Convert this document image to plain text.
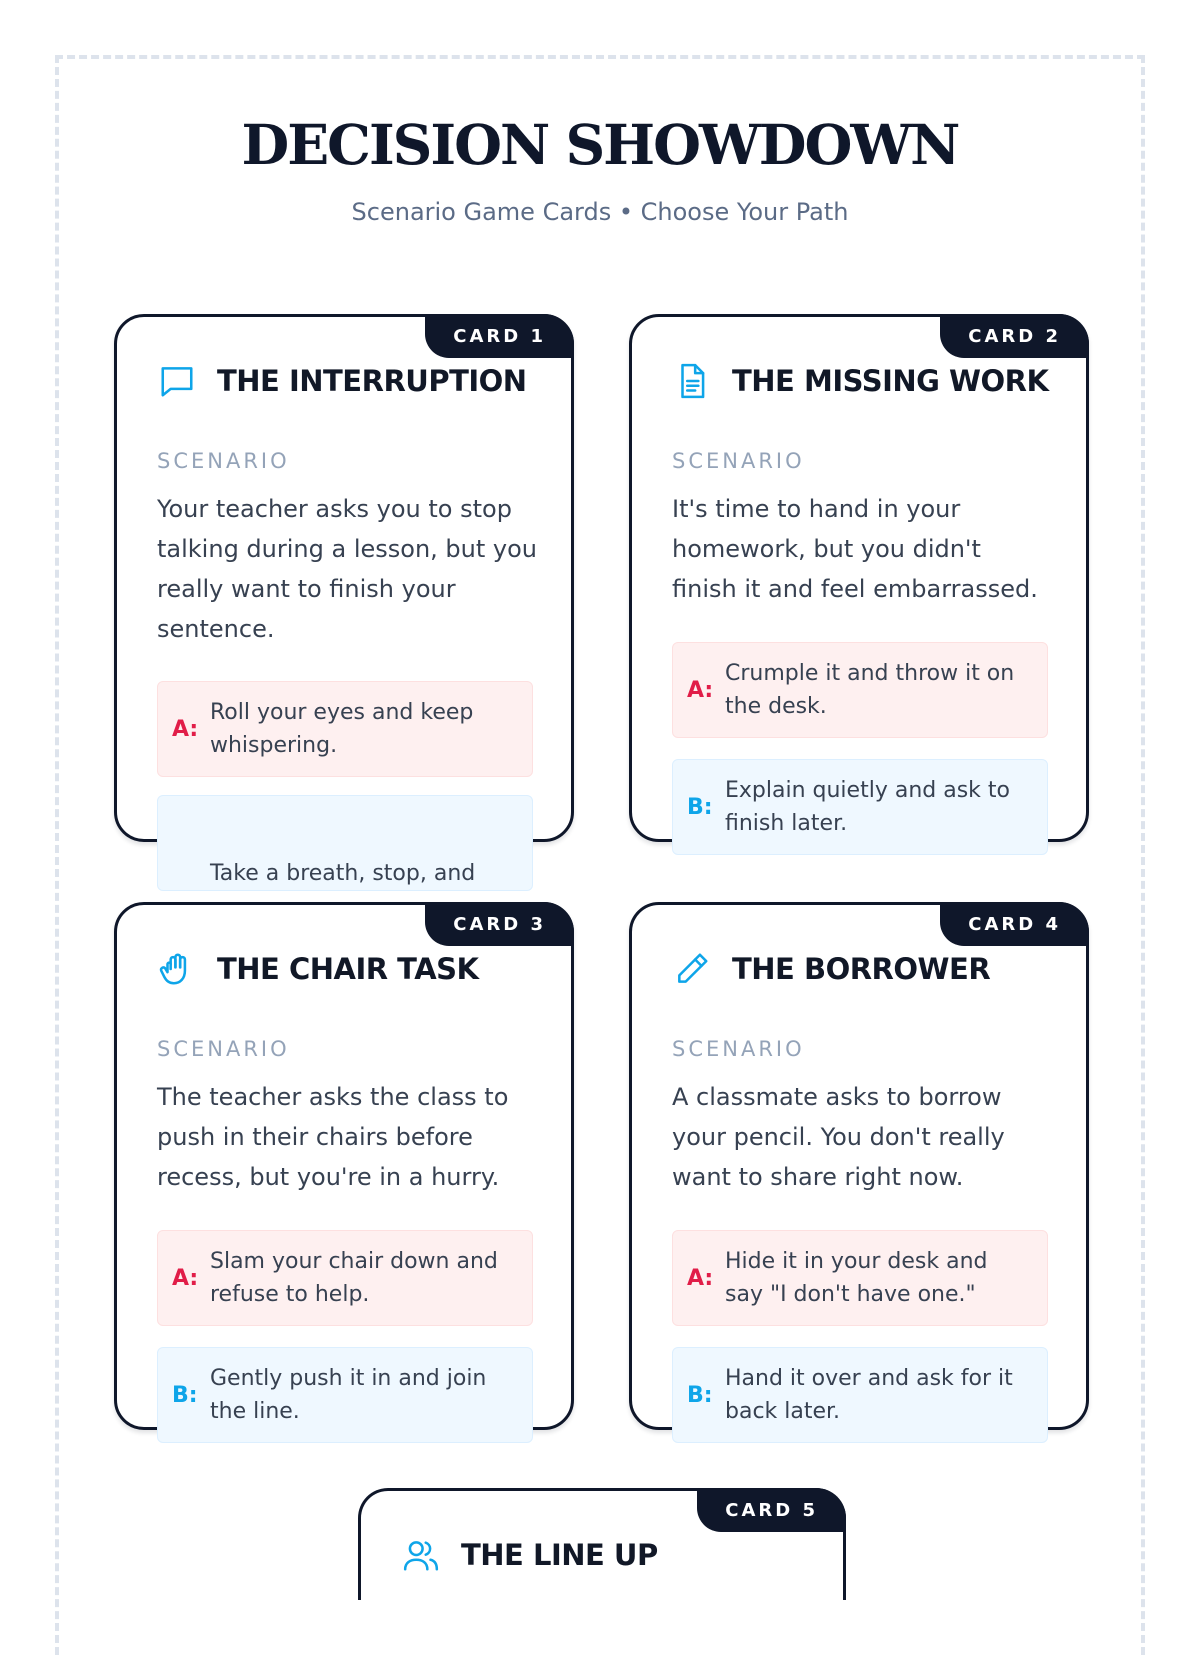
DECISION SHOWDOWN

Scenario Game Cards • Choose Your Path

CARD 1
THE INTERRUPTION
SCENARIO

Your teacher asks you to stop talking during a lesson, but you really want to finish your sentence.

A:
Roll your eyes and keep whispering.
Take a breath, stop, and
CARD 2
THE MISSING WORK
SCENARIO

It's time to hand in your homework, but you didn't finish it and feel embarrassed.

A:
Crumple it and throw it on the desk.
B:
Explain quietly and ask to finish later.
CARD 3
THE CHAIR TASK
SCENARIO

The teacher asks the class to push in their chairs before recess, but you're in a hurry.

A:
Slam your chair down and refuse to help.
B:
Gently push it in and join the line.
CARD 4
THE BORROWER
SCENARIO

A classmate asks to borrow your pencil. You don't really want to share right now.

A:
Hide it in your desk and say "I don't have one."
B:
Hand it over and ask for it back later.
CARD 5
THE LINE UP
